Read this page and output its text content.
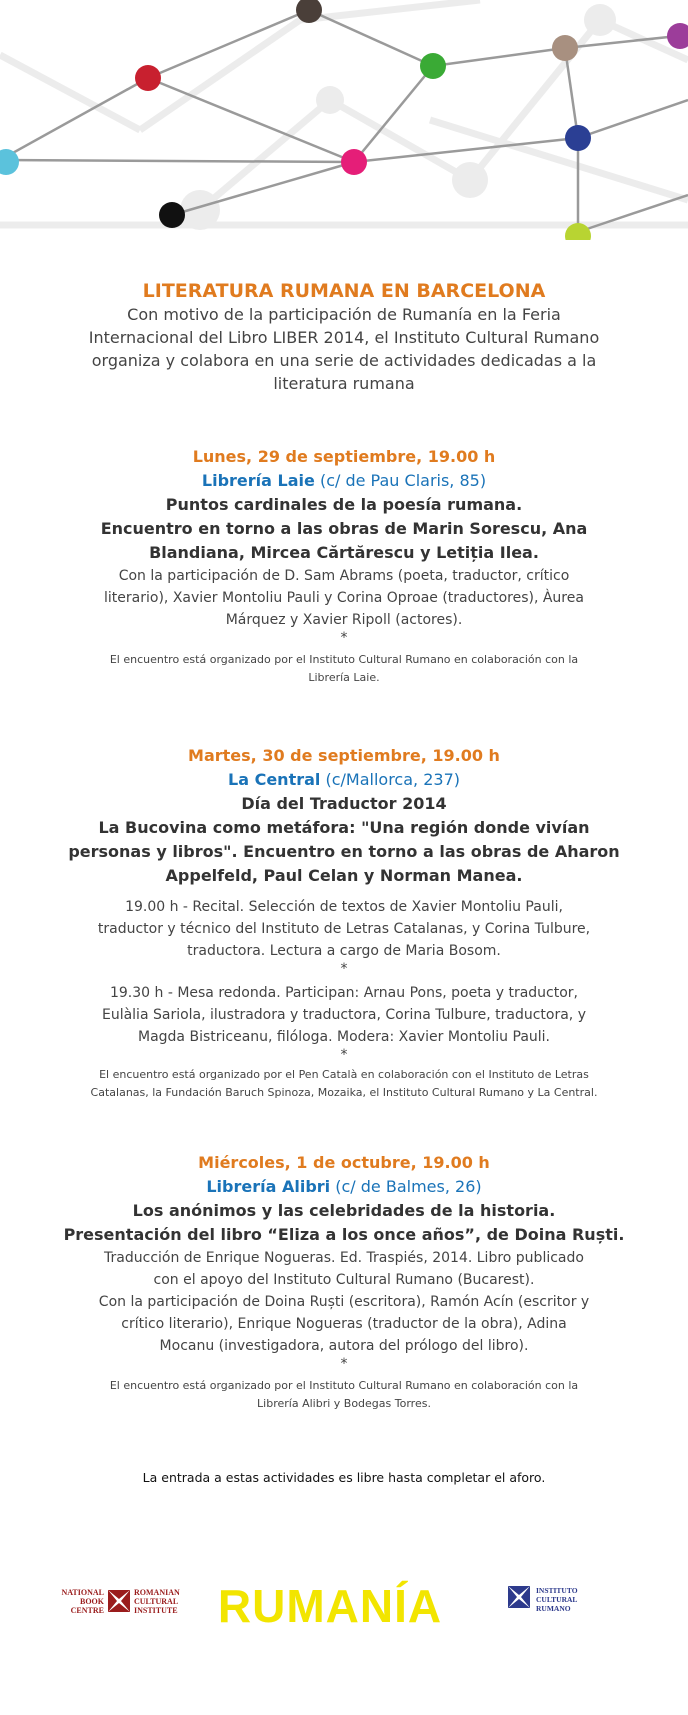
LITERATURA RUMANA EN BARCELONA

Con motivo de la participación de Rumanía en la Feria
Internacional del Libro LIBER 2014, el Instituto Cultural Rumano
organiza y colabora en una serie de actividades dedicadas a la
literatura rumana
Lunes, 29 de septiembre, 19.00 h
Librería Laie (c/ de Pau Claris, 85)
Puntos cardinales de la poesía rumana.
Encuentro en torno a las obras de Marin Sorescu, Ana
Blandiana, Mircea Cărtărescu y Letiția Ilea.
Con la participación de D. Sam Abrams (poeta, traductor, crítico
literario), Xavier Montoliu Pauli y Corina Oproae (traductores), Àurea
Márquez y Xavier Ripoll (actores).
*
El encuentro está organizado por el Instituto Cultural Rumano en colaboración con la
Librería Laie.
Martes, 30 de septiembre, 19.00 h
La Central (c/Mallorca, 237)
Día del Traductor 2014
La Bucovina como metáfora: "Una región donde vivían
personas y libros". Encuentro en torno a las obras de Aharon
Appelfeld, Paul Celan y Norman Manea.
19.00 h - Recital. Selección de textos de Xavier Montoliu Pauli,
traductor y técnico del Instituto de Letras Catalanas, y Corina Tulbure,
traductora. Lectura a cargo de Maria Bosom.
*
19.30 h - Mesa redonda. Participan: Arnau Pons, poeta y traductor,
Eulàlia Sariola, ilustradora y traductora, Corina Tulbure, traductora, y
Magda Bistriceanu, filóloga. Modera: Xavier Montoliu Pauli.
*
El encuentro está organizado por el Pen Català en colaboración con el Instituto de Letras
Catalanas, la Fundación Baruch Spinoza, Mozaika, el Instituto Cultural Rumano y La Central.
Miércoles, 1 de octubre, 19.00 h
Librería Alibri (c/ de Balmes, 26)
Los anónimos y las celebridades de la historia.
Presentación del libro “Eliza a los once años”, de Doina Ruști.
Traducción de Enrique Nogueras. Ed. Traspiés, 2014. Libro publicado
con el apoyo del Instituto Cultural Rumano (Bucarest).
Con la participación de Doina Ruști (escritora), Ramón Acín (escritor y
crítico literario), Enrique Nogueras (traductor de la obra), Adina
Mocanu (investigadora, autora del prólogo del libro).
*
El encuentro está organizado por el Instituto Cultural Rumano en colaboración con la
Librería Alibri y Bodegas Torres.
La entrada a estas actividades es libre hasta completar el aforo.
NATIONAL
BOOK
CENTRE
ROMANIAN
CULTURAL
INSTITUTE RUMANÍA	INSTITUTO
CULTURAL
RUMANO
